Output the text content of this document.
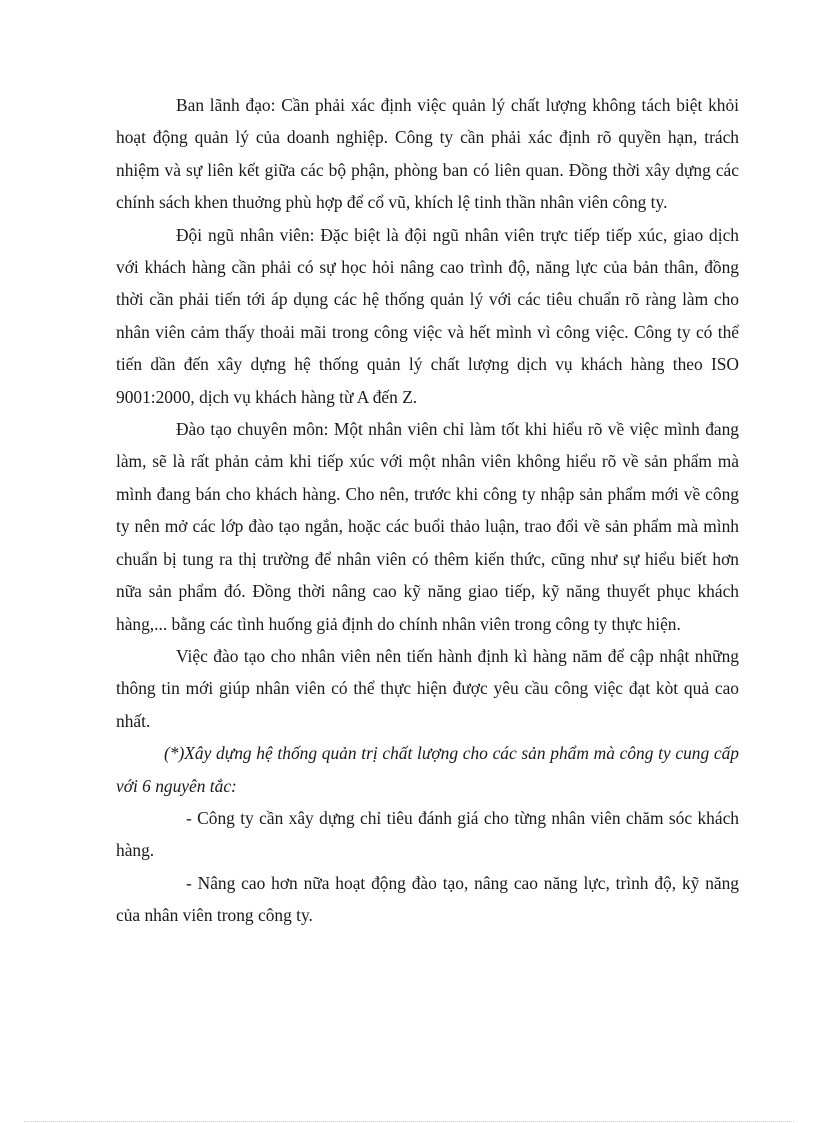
Ban lãnh đạo: Cần phải xác định việc quản lý chất lượng không tách biệt khỏi hoạt động quản lý của doanh nghiệp. Công ty cần phải xác định rõ quyền hạn, trách nhiệm và sự liên kết giữa các bộ phận, phòng ban có liên quan. Đồng thời xây dựng các chính sách khen thuởng phù hợp để cổ vũ, khích lệ tinh thần nhân viên công ty.

Đội ngũ nhân viên: Đặc biệt là đội ngũ nhân viên trực tiếp tiếp xúc, giao dịch với khách hàng cần phải có sự học hỏi nâng cao trình độ, năng lực của bản thân, đồng thời cần phải tiến tới áp dụng các hệ thống quản lý với các tiêu chuẩn rõ ràng làm cho nhân viên cảm thấy thoải mãi trong công việc và hết mình vì công việc. Công ty có thể tiến dần đến xây dựng hệ thống quản lý chất lượng dịch vụ khách hàng theo ISO 9001:2000, dịch vụ khách hàng từ A đến Z.

Đào tạo chuyên môn: Một nhân viên chỉ làm tốt khi hiểu rõ về việc mình đang làm, sẽ là rất phản cảm khi tiếp xúc với một nhân viên không hiểu rõ về sản phẩm mà mình đang bán cho khách hàng. Cho nên, trước khi công ty nhập sản phẩm mới về công ty nên mở các lớp đào tạo ngắn, hoặc các buổi thảo luận, trao đổi về sản phẩm mà mình chuẩn bị tung ra thị trường để nhân viên có thêm kiến thức, cũng như sự hiểu biết hơn nữa sản phẩm đó. Đồng thời nâng cao kỹ năng giao tiếp, kỹ năng thuyết phục khách hàng,... bằng các tình huống giả định do chính nhân viên trong công ty thực hiện.

Việc đào tạo cho nhân viên nên tiến hành định kì hàng năm để cập nhật những thông tin mới giúp nhân viên có thể thực hiện được yêu cầu công việc đạt kòt quả cao nhất.

(*)Xây dựng hệ thống quản trị chất lượng cho các sản phẩm mà công ty cung cấp với 6 nguyên tắc:

- Công ty cần xây dựng chỉ tiêu đánh giá cho từng nhân viên chăm sóc khách hàng.

- Nâng cao hơn nữa hoạt động đào tạo, nâng cao năng lực, trình độ, kỹ năng của nhân viên trong công ty.
